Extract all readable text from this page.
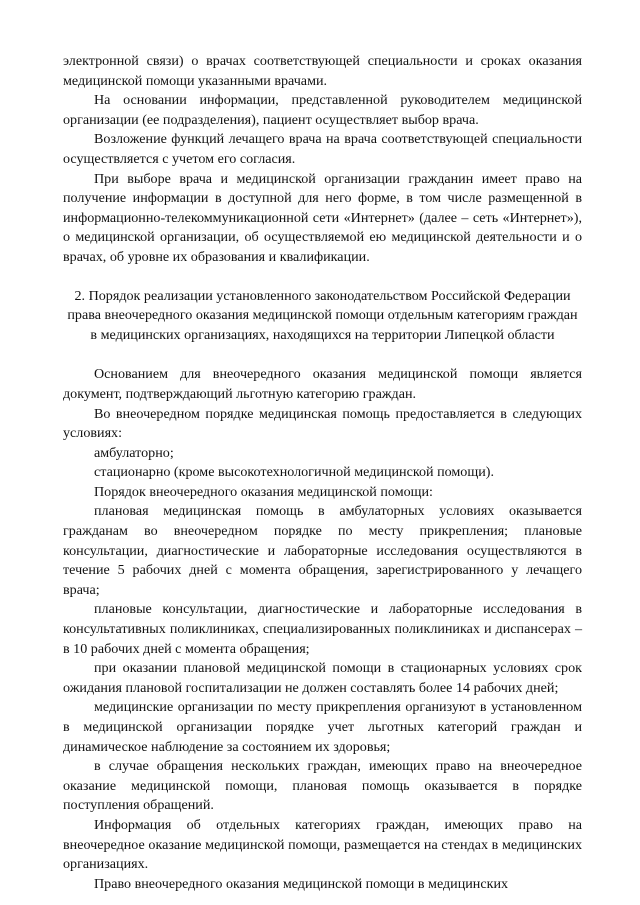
электронной связи) о врачах соответствующей специальности и сроках оказания медицинской помощи указанными врачами.

На основании информации, представленной руководителем медицинской организации (ее подразделения), пациент осуществляет выбор врача.

Возложение функций лечащего врача на врача соответствующей специальности осуществляется с учетом его согласия.

При выборе врача и медицинской организации гражданин имеет право на получение информации в доступной для него форме, в том числе размещенной в информационно-телекоммуникационной сети «Интернет» (далее – сеть «Интернет»), о медицинской организации, об осуществляемой ею медицинской деятельности и о врачах, об уровне их образования и квалификации.

2. Порядок реализации установленного законодательством Российской Федерации права внеочередного оказания медицинской помощи отдельным категориям граждан в медицинских организациях, находящихся на территории Липецкой области

Основанием для внеочередного оказания медицинской помощи является документ, подтверждающий льготную категорию граждан.

Во внеочередном порядке медицинская помощь предоставляется в следующих условиях:

амбулаторно;

стационарно (кроме высокотехнологичной медицинской помощи).

Порядок внеочередного оказания медицинской помощи:

плановая медицинская помощь в амбулаторных условиях оказывается гражданам во внеочередном порядке по месту прикрепления; плановые консультации, диагностические и лабораторные исследования осуществляются в течение 5 рабочих дней с момента обращения, зарегистрированного у лечащего врача;

плановые консультации, диагностические и лабораторные исследования в консультативных поликлиниках, специализированных поликлиниках и диспансерах – в 10 рабочих дней с момента обращения;

при оказании плановой медицинской помощи в стационарных условиях срок ожидания плановой госпитализации не должен составлять более 14 рабочих дней;

медицинские организации по месту прикрепления организуют в установленном в медицинской организации порядке учет льготных категорий граждан и динамическое наблюдение за состоянием их здоровья;

в случае обращения нескольких граждан, имеющих право на внеочередное оказание медицинской помощи, плановая помощь оказывается в порядке поступления обращений.

Информация об отдельных категориях граждан, имеющих право на внеочередное оказание медицинской помощи, размещается на стендах в медицинских организациях.

Право внеочередного оказания медицинской помощи в медицинских
